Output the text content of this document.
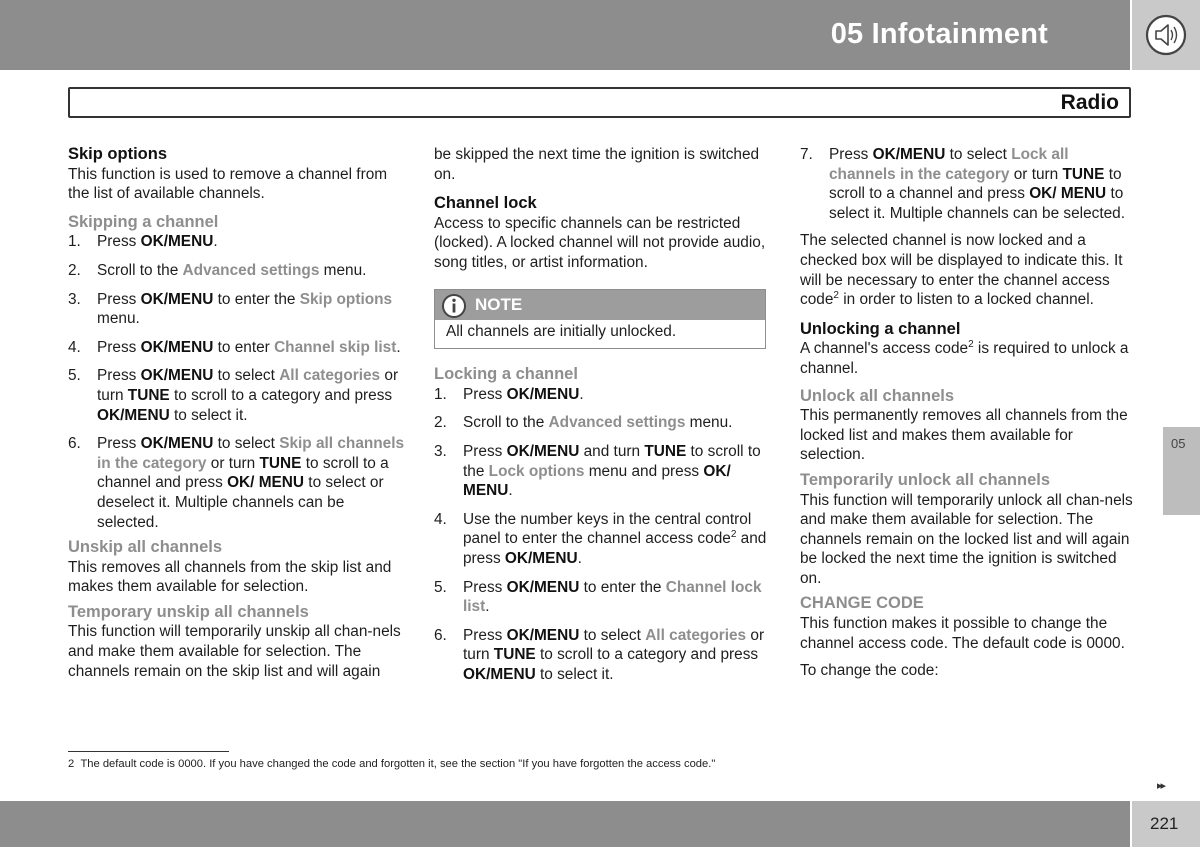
05 Infotainment
Radio

Skip options

This function is used to remove a channel from the list of available channels.

Skipping a channel

1. Press OK/MENU.
2. Scroll to the Advanced settings menu.
3. Press OK/MENU to enter the Skip options menu.
4. Press OK/MENU to enter Channel skip list.
5. Press OK/MENU to select All categories or turn TUNE to scroll to a category and press OK/MENU to select it.
6. Press OK/MENU to select Skip all channels in the category or turn TUNE to scroll to a channel and press OK/ MENU to select or deselect it. Multiple channels can be selected.

Unskip all channels

This removes all channels from the skip list and makes them available for selection.

Temporary unskip all channels

This function will temporarily unskip all chan-nels and make them available for selection. The channels remain on the skip list and will again

be skipped the next time the ignition is switched on.

Channel lock

Access to specific channels can be restricted (locked). A locked channel will not provide audio, song titles, or artist information.

NOTE
All channels are initially unlocked.

Locking a channel

1. Press OK/MENU.
2. Scroll to the Advanced settings menu.
3. Press OK/MENU and turn TUNE to scroll to the Lock options menu and press OK/ MENU.
4. Use the number keys in the central control panel to enter the channel access code$^2$ and press OK/MENU.
5. Press OK/MENU to enter the Channel lock list.
6. Press OK/MENU to select All categories or turn TUNE to scroll to a category and press OK/MENU to select it.
7. Press OK/MENU to select Lock all channels in the category or turn TUNE to scroll to a channel and press OK/ MENU to select it. Multiple channels can be selected.

The selected channel is now locked and a checked box will be displayed to indicate this. It will be necessary to enter the channel access code$^2$ in order to listen to a locked channel.

Unlocking a channel

A channel's access code$^2$ is required to unlock a channel.

Unlock all channels

This permanently removes all channels from the locked list and makes them available for selection.

Temporarily unlock all channels

This function will temporarily unlock all chan-nels and make them available for selection. The channels remain on the locked list and will again be locked the next time the ignition is switched on.

CHANGE CODE

This function makes it possible to change the channel access code. The default code is 0000.

To change the code:

2 The default code is 0000. If you have changed the code and forgotten it, see the section "If you have forgotten the access code."
▸▸
05
221
